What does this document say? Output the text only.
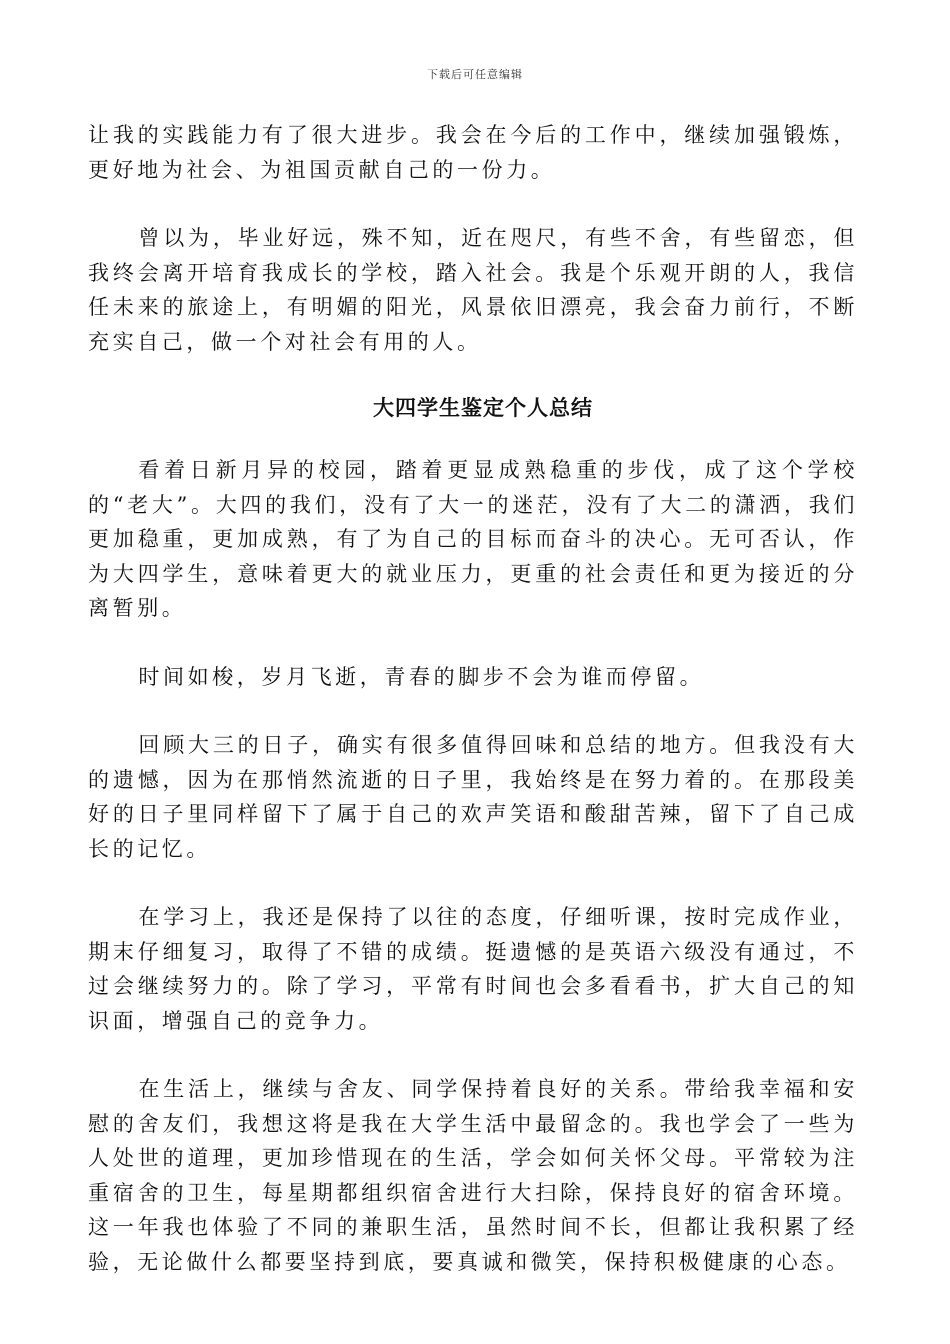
下载后可任意编辑

让我的实践能力有了很大进步。我会在今后的工作中，继续加强锻炼，更好地为社会、为祖国贡献自己的一份力。

曾以为，毕业好远，殊不知，近在咫尺，有些不舍，有些留恋，但我终会离开培育我成长的学校，踏入社会。我是个乐观开朗的人，我信任未来的旅途上，有明媚的阳光，风景依旧漂亮，我会奋力前行，不断充实自己，做一个对社会有用的人。

大四学生鉴定个人总结

看着日新月异的校园，踏着更显成熟稳重的步伐，成了这个学校的“老大”。大四的我们，没有了大一的迷茫，没有了大二的潇洒，我们更加稳重，更加成熟，有了为自己的目标而奋斗的决心。无可否认，作为大四学生，意味着更大的就业压力，更重的社会责任和更为接近的分离暂别。

时间如梭，岁月飞逝，青春的脚步不会为谁而停留。

回顾大三的日子，确实有很多值得回味和总结的地方。但我没有大的遗憾，因为在那悄然流逝的日子里，我始终是在努力着的。在那段美好的日子里同样留下了属于自己的欢声笑语和酸甜苦辣，留下了自己成长的记忆。

在学习上，我还是保持了以往的态度，仔细听课，按时完成作业，期末仔细复习，取得了不错的成绩。挺遗憾的是英语六级没有通过，不过会继续努力的。除了学习，平常有时间也会多看看书，扩大自己的知识面，增强自己的竞争力。

在生活上，继续与舍友、同学保持着良好的关系。带给我幸福和安慰的舍友们，我想这将是我在大学生活中最留念的。我也学会了一些为人处世的道理，更加珍惜现在的生活，学会如何关怀父母。平常较为注重宿舍的卫生，每星期都组织宿舍进行大扫除，保持良好的宿舍环境。这一年我也体验了不同的兼职生活，虽然时间不长，但都让我积累了经验，无论做什么都要坚持到底，要真诚和微笑，保持积极健康的心态。
